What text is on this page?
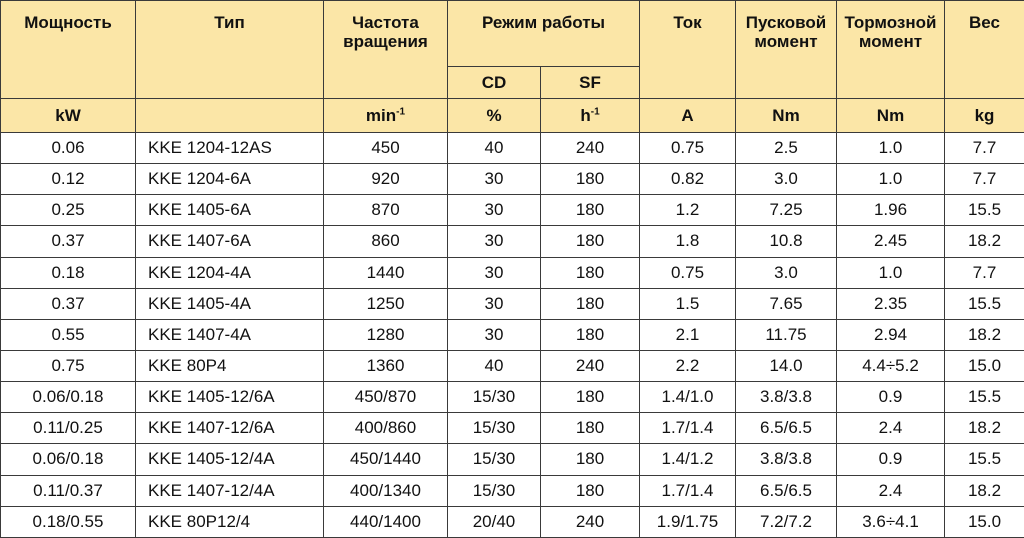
Мощность	Тип	Частота вращения	Режим работы		Ток	Пусковой момент	Тормозной момент	Вес
			CD	SF				
kW		$\min^{-1}$	%	$h^{-1}$	A	Nm	Nm	kg
0.06	KKE 1204-12AS	450	40	240	0.75	2.5	1.0	7.7
0.12	KKE 1204-6A	920	30	180	0.82	3.0	1.0	7.7
0.25	KKE 1405-6A	870	30	180	1.2	7.25	1.96	15.5
0.37	KKE 1407-6A	860	30	180	1.8	10.8	2.45	18.2
0.18	KKE 1204-4A	1440	30	180	0.75	3.0	1.0	7.7
0.37	KKE 1405-4A	1250	30	180	1.5	7.65	2.35	15.5
0.55	KKE 1407-4A	1280	30	180	2.1	11.75	2.94	18.2
0.75	KKE 80P4	1360	40	240	2.2	14.0	4.4÷5.2	15.0
0.06/0.18	KKE 1405-12/6A	450/870	15/30	180	1.4/1.0	3.8/3.8	0.9	15.5
0.11/0.25	KKE 1407-12/6A	400/860	15/30	180	1.7/1.4	6.5/6.5	2.4	18.2
0.06/0.18	KKE 1405-12/4A	450/1440	15/30	180	1.4/1.2	3.8/3.8	0.9	15.5
0.11/0.37	KKE 1407-12/4A	400/1340	15/30	180	1.7/1.4	6.5/6.5	2.4	18.2
0.18/0.55	KKE 80P12/4	440/1400	20/40	240	1.9/1.75	7.2/7.2	3.6÷4.1	15.0
